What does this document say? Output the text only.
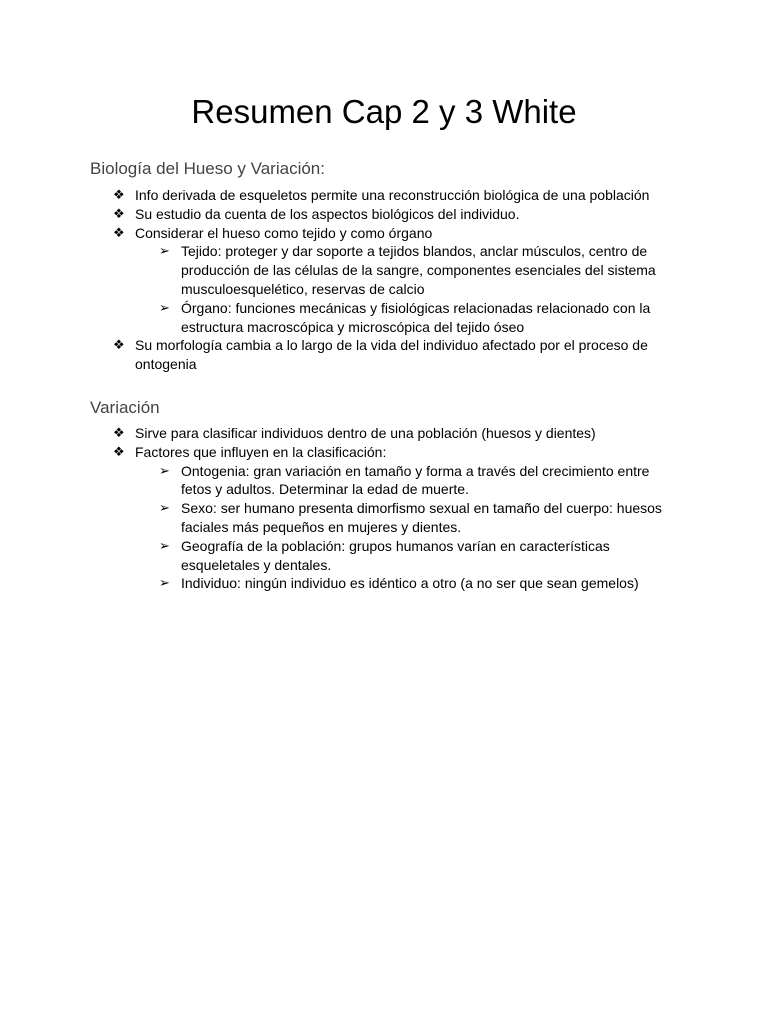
Resumen Cap 2 y 3 White
Biología del Hueso y Variación:
❖ Info derivada de esqueletos permite una reconstrucción biológica de una población
❖ Su estudio da cuenta de los aspectos biológicos del individuo.
❖ Considerar el hueso como tejido y como órgano
➢ Tejido: proteger y dar soporte a tejidos blandos, anclar músculos, centro de producción de las células de la sangre, componentes esenciales del sistema musculoesquelético, reservas de calcio
➢ Órgano: funciones mecánicas y fisiológicas relacionadas relacionado con la estructura macroscópica y microscópica del tejido óseo
❖ Su morfología cambia a lo largo de la vida del individuo afectado por el proceso de ontogenia
Variación
❖ Sirve para clasificar individuos dentro de una población (huesos y dientes)
❖ Factores que influyen en la clasificación:
➢ Ontogenia: gran variación en tamaño y forma a través del crecimiento entre fetos y adultos. Determinar la edad de muerte.
➢ Sexo: ser humano presenta dimorfismo sexual en tamaño del cuerpo: huesos faciales más pequeños en mujeres y dientes.
➢ Geografía de la población: grupos humanos varían en características esqueletales y dentales.
➢ Individuo: ningún individuo es idéntico a otro (a no ser que sean gemelos)
